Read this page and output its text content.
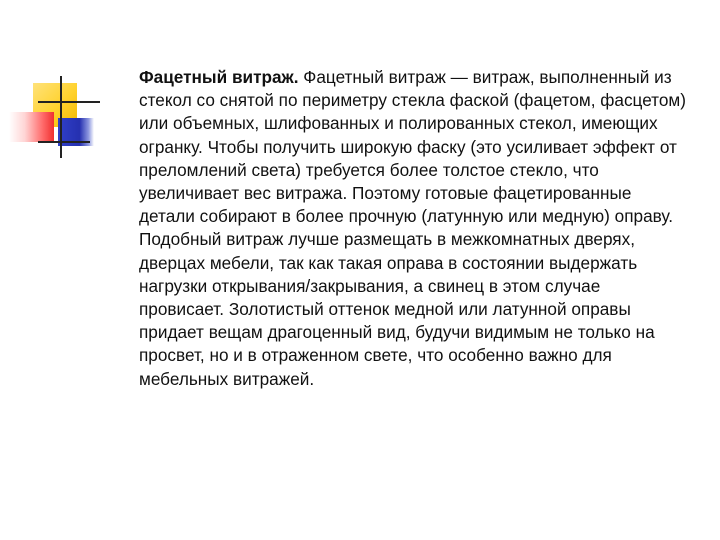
Фацетный витраж. Фацетный витраж — витраж, выполненный из стекол со снятой по периметру стекла фаской (фацетом, фасцетом) или объемных, шлифованных и полированных стекол, имеющих огранку. Чтобы получить широкую фаску (это усиливает эффект от преломлений света) требуется более толстое стекло, что увеличивает вес витража. Поэтому готовые фацетированные детали собирают в более прочную (латунную или медную) оправу. Подобный витраж лучше размещать в межкомнатных дверях, дверцах мебели, так как такая оправа в состоянии выдержать нагрузки открывания/закрывания, а свинец в этом случае провисает. Золотистый оттенок медной или латунной оправы придает вещам драгоценный вид, будучи видимым не только на просвет, но и в отраженном свете, что особенно важно для мебельных витражей.
